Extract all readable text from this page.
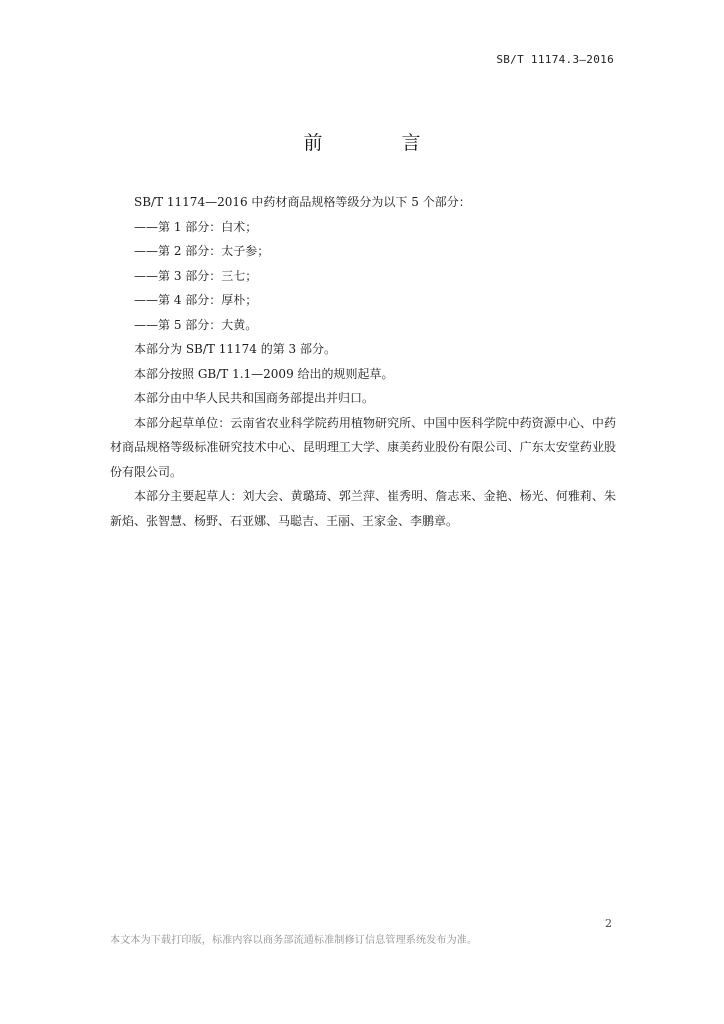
SB/T 11174.3—2016
前　言

SB/T 11174—2016 中药材商品规格等级分为以下 5 个部分：

——第 1 部分：白术；

——第 2 部分：太子参；

——第 3 部分：三七；

——第 4 部分：厚朴；

——第 5 部分：大黄。

本部分为 SB/T 11174 的第 3 部分。

本部分按照 GB/T 1.1—2009 给出的规则起草。

本部分由中华人民共和国商务部提出并归口。

本部分起草单位：云南省农业科学院药用植物研究所、中国中医科学院中药资源中心、中药材商品规格等级标准研究技术中心、昆明理工大学、康美药业股份有限公司、广东太安堂药业股份有限公司。

本部分主要起草人：刘大会、黄璐琦、郭兰萍、崔秀明、詹志来、金艳、杨光、何雅莉、朱新焰、张智慧、杨野、石亚娜、马聪吉、王丽、王家金、李鹏章。

2
本文本为下载打印版，标准内容以商务部流通标准制修订信息管理系统发布为准。
